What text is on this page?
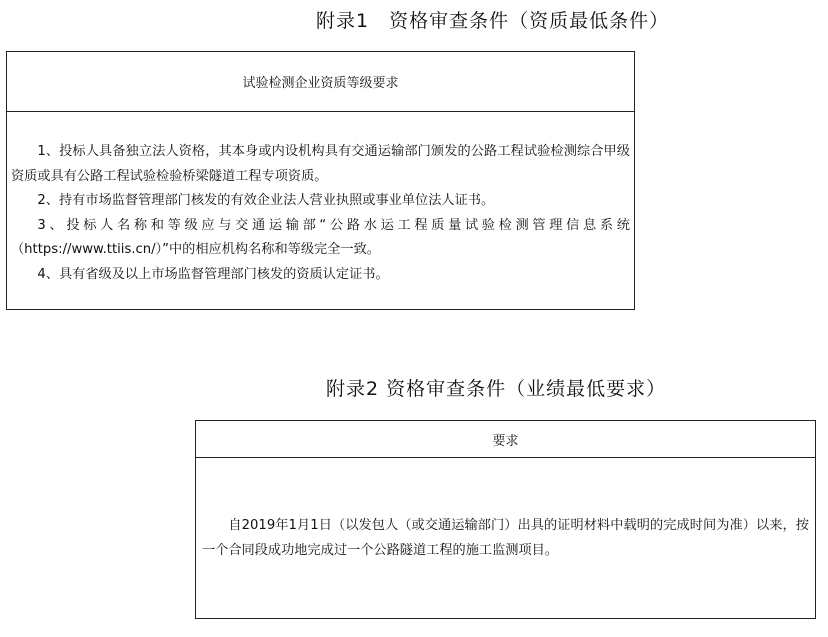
附录1　资格审查条件（资质最低条件）
试验检测企业资质等级要求

1、投标人具备独立法人资格，其本身或内设机构具有交通运输部门颁发的公路工程试验检测综合甲级资质或具有公路工程试验检验桥梁隧道工程专项资质。

2、持有市场监督管理部门核发的有效企业法人营业执照或事业单位法人证书。

3、投标人名称和等级应与交通运输部“公路水运工程质量试验检测管理信息系统（https://www.ttiis.cn/）”中的相应机构名称和等级完全一致。

4、具有省级及以上市场监督管理部门核发的资质认定证书。

附录2 资格审查条件（业绩最低要求）
要求

自2019年1月1日（以发包人（或交通运输部门）出具的证明材料中载明的完成时间为准）以来，按一个合同段成功地完成过一个公路隧道工程的施工监测项目。
